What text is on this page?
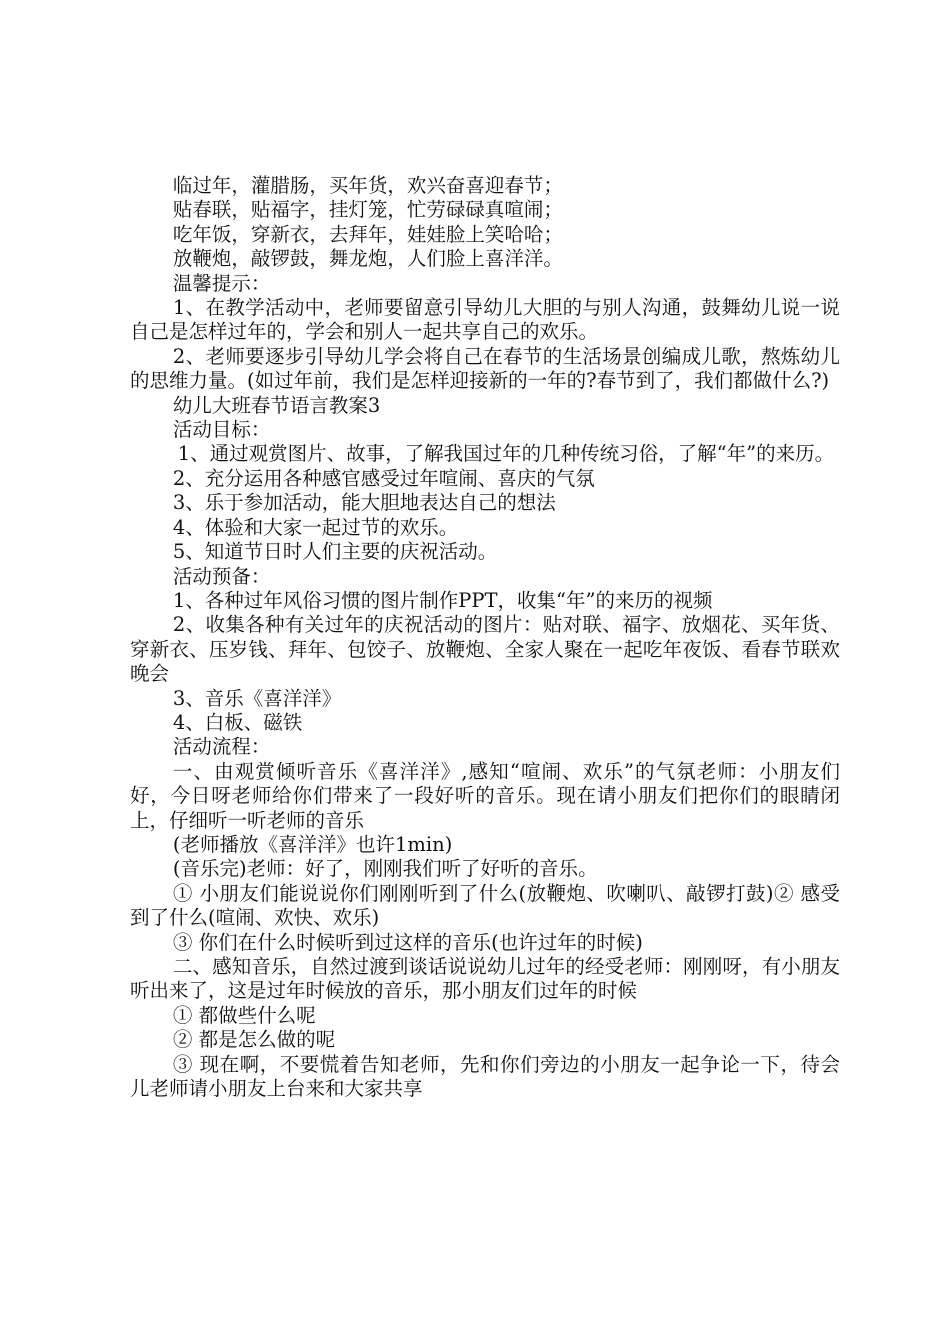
临过年，灌腊肠，买年货，欢兴奋喜迎春节；

贴春联，贴福字，挂灯笼，忙劳碌碌真喧闹；

吃年饭，穿新衣，去拜年，娃娃脸上笑哈哈；

放鞭炮，敲锣鼓，舞龙炮，人们脸上喜洋洋。

温馨提示：

1、在教学活动中，老师要留意引导幼儿大胆的与别人沟通，鼓舞幼儿说一说自己是怎样过年的，学会和别人一起共享自己的欢乐。

2、老师要逐步引导幼儿学会将自己在春节的生活场景创编成儿歌，熬炼幼儿的思维力量。(如过年前，我们是怎样迎接新的一年的?春节到了，我们都做什么?)

幼儿大班春节语言教案3

活动目标：

1、通过观赏图片、故事，了解我国过年的几种传统习俗，了解“年”的来历。

2、充分运用各种感官感受过年喧闹、喜庆的气氛

3、乐于参加活动，能大胆地表达自己的想法

4、体验和大家一起过节的欢乐。

5、知道节日时人们主要的庆祝活动。

活动预备：

1、各种过年风俗习惯的图片制作PPT，收集“年”的来历的视频

2、收集各种有关过年的庆祝活动的图片：贴对联、福字、放烟花、买年货、穿新衣、压岁钱、拜年、包饺子、放鞭炮、全家人聚在一起吃年夜饭、看春节联欢晚会

3、音乐《喜洋洋》

4、白板、磁铁

活动流程：

一、由观赏倾听音乐《喜洋洋》,感知“喧闹、欢乐”的气氛老师：小朋友们好，今日呀老师给你们带来了一段好听的音乐。现在请小朋友们把你们的眼睛闭上，仔细听一听老师的音乐

(老师播放《喜洋洋》也许1min)

(音乐完)老师：好了，刚刚我们听了好听的音乐。

① 小朋友们能说说你们刚刚听到了什么(放鞭炮、吹喇叭、敲锣打鼓)② 感受到了什么(喧闹、欢快、欢乐)

③ 你们在什么时候听到过这样的音乐(也许过年的时候)

二、感知音乐，自然过渡到谈话说说幼儿过年的经受老师：刚刚呀，有小朋友听出来了，这是过年时候放的音乐，那小朋友们过年的时候

① 都做些什么呢

② 都是怎么做的呢

③ 现在啊，不要慌着告知老师，先和你们旁边的小朋友一起争论一下，待会儿老师请小朋友上台来和大家共享
